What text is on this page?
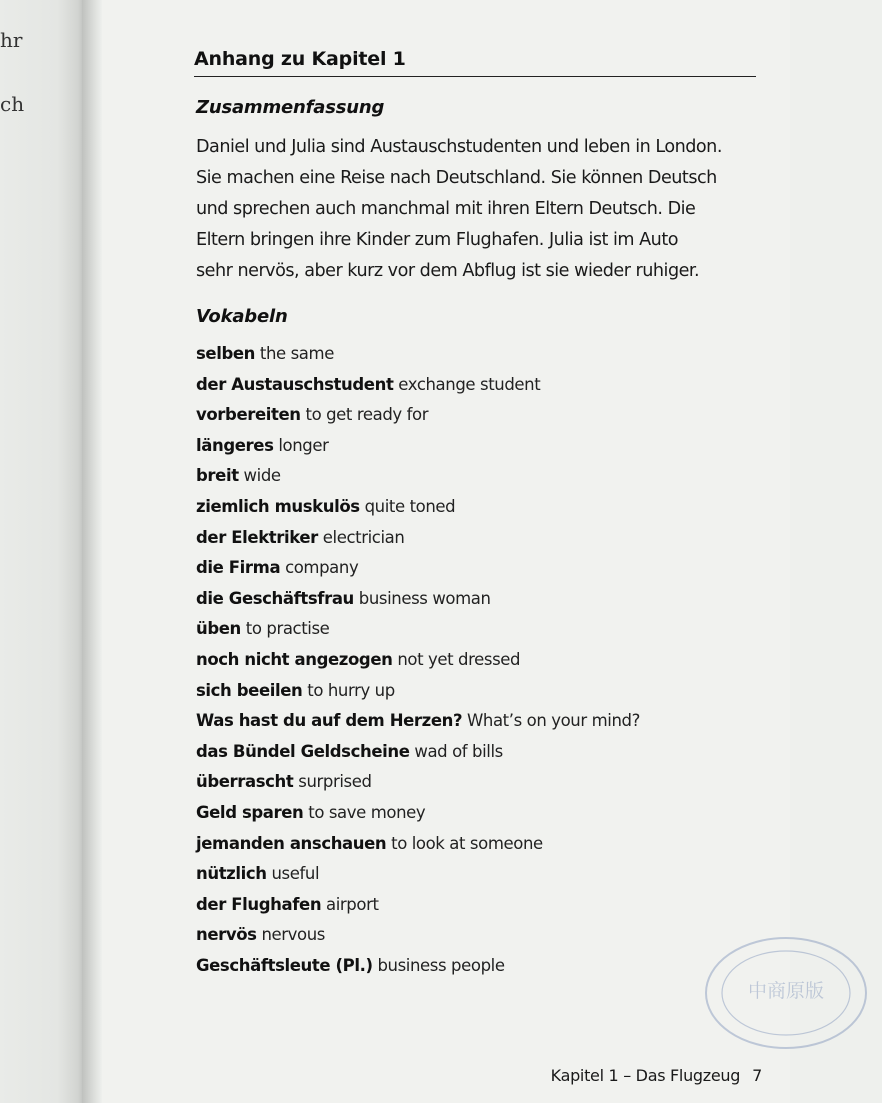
hr
ch
Anhang zu Kapitel 1
Zusammenfassung
Daniel und Julia sind Austauschstudenten und leben in London.
Sie machen eine Reise nach Deutschland. Sie können Deutsch
und sprechen auch manchmal mit ihren Eltern Deutsch. Die
Eltern bringen ihre Kinder zum Flughafen. Julia ist im Auto
sehr nervös, aber kurz vor dem Abflug ist sie wieder ruhiger.
Vokabeln
selben the same
der Austauschstudent exchange student
vorbereiten to get ready for
längeres longer
breit wide
ziemlich muskulös quite toned
der Elektriker electrician
die Firma company
die Geschäftsfrau business woman
üben to practise
noch nicht angezogen not yet dressed
sich beeilen to hurry up
Was hast du auf dem Herzen? What’s on your mind?
das Bündel Geldscheine wad of bills
überrascht surprised
Geld sparen to save money
jemanden anschauen to look at someone
nützlich useful
der Flughafen airport
nervös nervous
Geschäftsleute (Pl.) business people
Kapitel 1 – Das Flugzeug 7
中商原版
